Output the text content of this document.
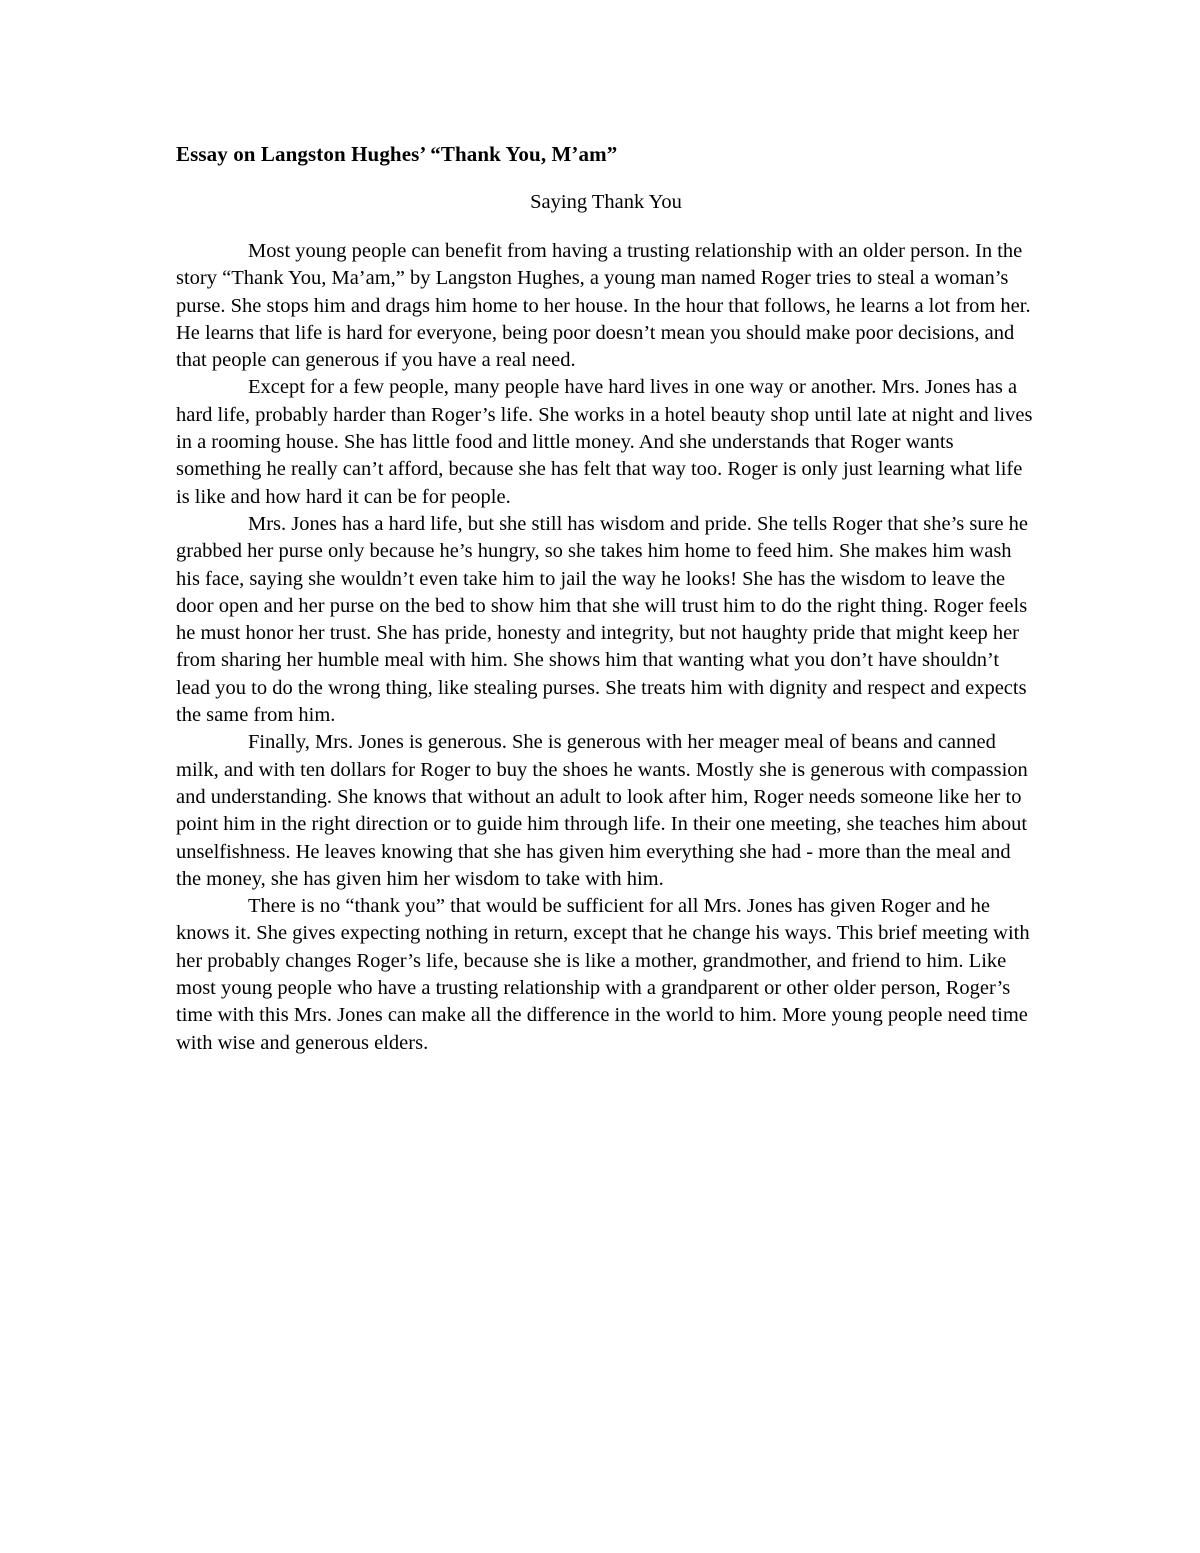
Essay on Langston Hughes’ “Thank You, M’am”
Saying Thank You

Most young people can benefit from having a trusting relationship with an older person. In the story “Thank You, Ma’am,” by Langston Hughes, a young man named Roger tries to steal a woman’s purse. She stops him and drags him home to her house. In the hour that follows, he learns a lot from her. He learns that life is hard for everyone, being poor doesn’t mean you should make poor decisions, and that people can generous if you have a real need.

Except for a few people, many people have hard lives in one way or another. Mrs. Jones has a hard life, probably harder than Roger’s life. She works in a hotel beauty shop until late at night and lives in a rooming house. She has little food and little money. And she understands that Roger wants something he really can’t afford, because she has felt that way too. Roger is only just learning what life is like and how hard it can be for people.

Mrs. Jones has a hard life, but she still has wisdom and pride. She tells Roger that she’s sure he grabbed her purse only because he’s hungry, so she takes him home to feed him. She makes him wash his face, saying she wouldn’t even take him to jail the way he looks! She has the wisdom to leave the door open and her purse on the bed to show him that she will trust him to do the right thing. Roger feels he must honor her trust. She has pride, honesty and integrity, but not haughty pride that might keep her from sharing her humble meal with him. She shows him that wanting what you don’t have shouldn’t lead you to do the wrong thing, like stealing purses. She treats him with dignity and respect and expects the same from him.

Finally, Mrs. Jones is generous. She is generous with her meager meal of beans and canned milk, and with ten dollars for Roger to buy the shoes he wants. Mostly she is generous with compassion and understanding. She knows that without an adult to look after him, Roger needs someone like her to point him in the right direction or to guide him through life. In their one meeting, she teaches him about unselfishness. He leaves knowing that she has given him everything she had - more than the meal and the money, she has given him her wisdom to take with him.

There is no “thank you” that would be sufficient for all Mrs. Jones has given Roger and he knows it. She gives expecting nothing in return, except that he change his ways. This brief meeting with her probably changes Roger’s life, because she is like a mother, grandmother, and friend to him. Like most young people who have a trusting relationship with a grandparent or other older person, Roger’s time with this Mrs. Jones can make all the difference in the world to him. More young people need time with wise and generous elders.
